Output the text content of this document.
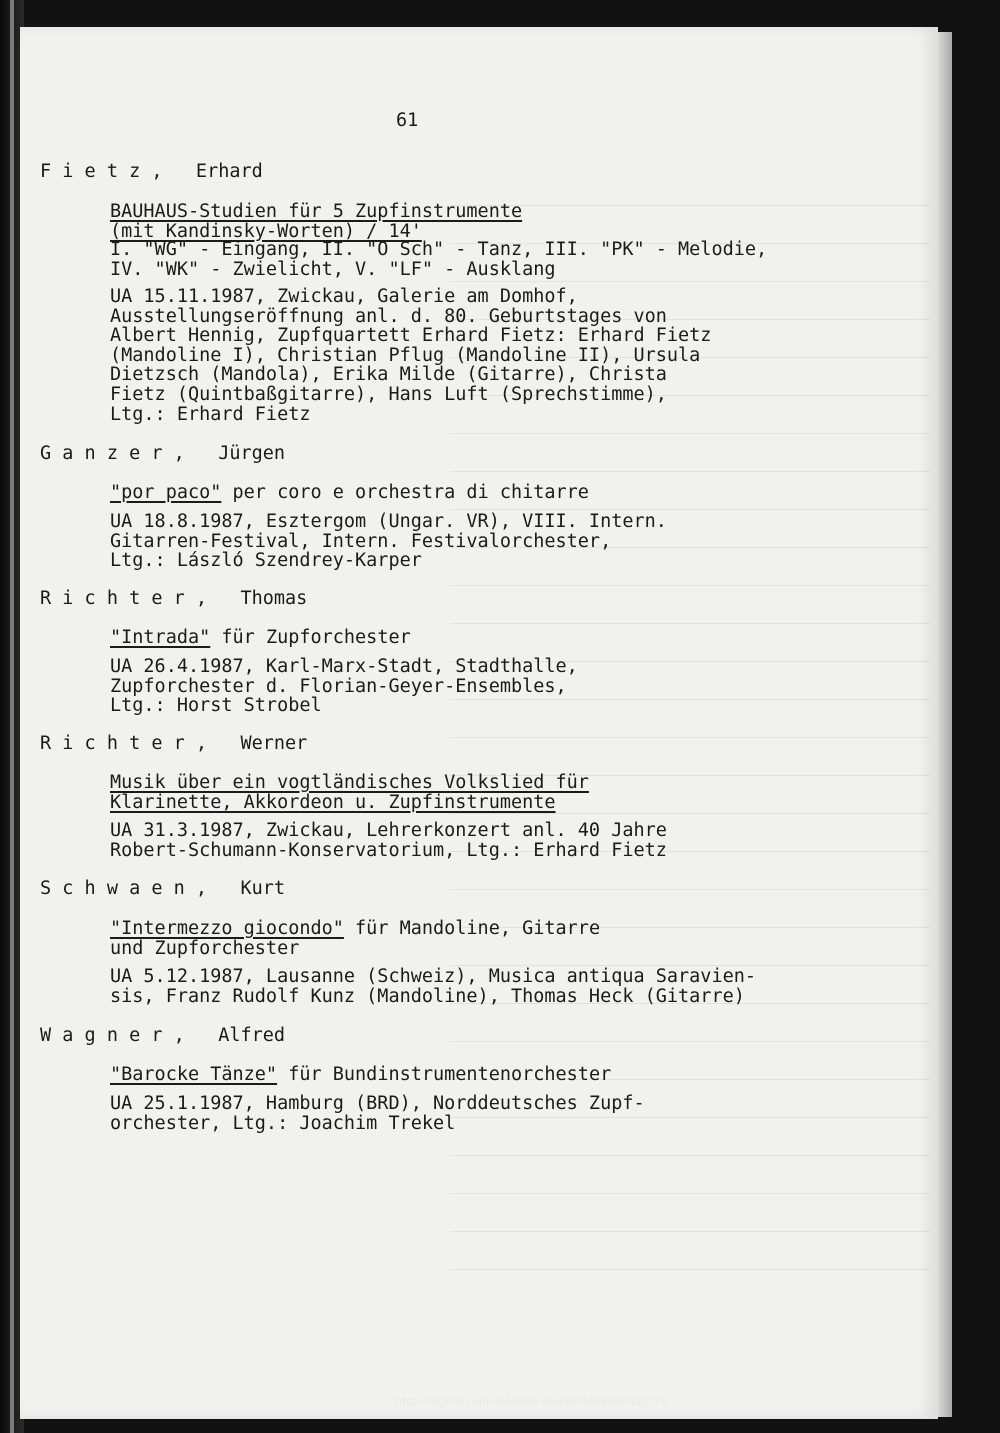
61
F i e t z ,   Erhard
BAUHAUS-Studien für 5 Zupfinstrumente
(mit Kandinsky-Worten) / 14'
I. "WG" - Eingang, II. "O Sch" - Tanz, III. "PK" - Melodie,
IV. "WK" - Zwielicht, V. "LF" - Ausklang
UA 15.11.1987, Zwickau, Galerie am Domhof,
Ausstellungseröffnung anl. d. 80. Geburtstages von
Albert Hennig, Zupfquartett Erhard Fietz: Erhard Fietz
(Mandoline I), Christian Pflug (Mandoline II), Ursula
Dietzsch (Mandola), Erika Milde (Gitarre), Christa
Fietz (Quintbaßgitarre), Hans Luft (Sprechstimme),
Ltg.: Erhard Fietz
G a n z e r ,   Jürgen
"por paco" per coro e orchestra di chitarre
UA 18.8.1987, Esztergom (Ungar. VR), VIII. Intern.
Gitarren-Festival, Intern. Festivalorchester,
Ltg.: László Szendrey-Karper
R i c h t e r ,   Thomas
"Intrada" für Zupforchester
UA 26.4.1987, Karl-Marx-Stadt, Stadthalle,
Zupforchester d. Florian-Geyer-Ensembles,
Ltg.: Horst Strobel
R i c h t e r ,   Werner
Musik über ein vogtländisches Volkslied für
Klarinette, Akkordeon u. Zupfinstrumente
UA 31.3.1987, Zwickau, Lehrerkonzert anl. 40 Jahre
Robert-Schumann-Konservatorium, Ltg.: Erhard Fietz
S c h w a e n ,   Kurt
"Intermezzo giocondo" für Mandoline, Gitarre
und Zupforchester
UA 5.12.1987, Lausanne (Schweiz), Musica antiqua Saravien-
sis, Franz Rudolf Kunz (Mandoline), Thomas Heck (Gitarre)
W a g n e r ,   Alfred
"Barocke Tänze" für Bundinstrumentenorchester
UA 25.1.1987, Hamburg (BRD), Norddeutsches Zupf-
orchester, Ltg.: Joachim Trekel
http://digital.slub-dresden.de/ppn305801432Z/70
